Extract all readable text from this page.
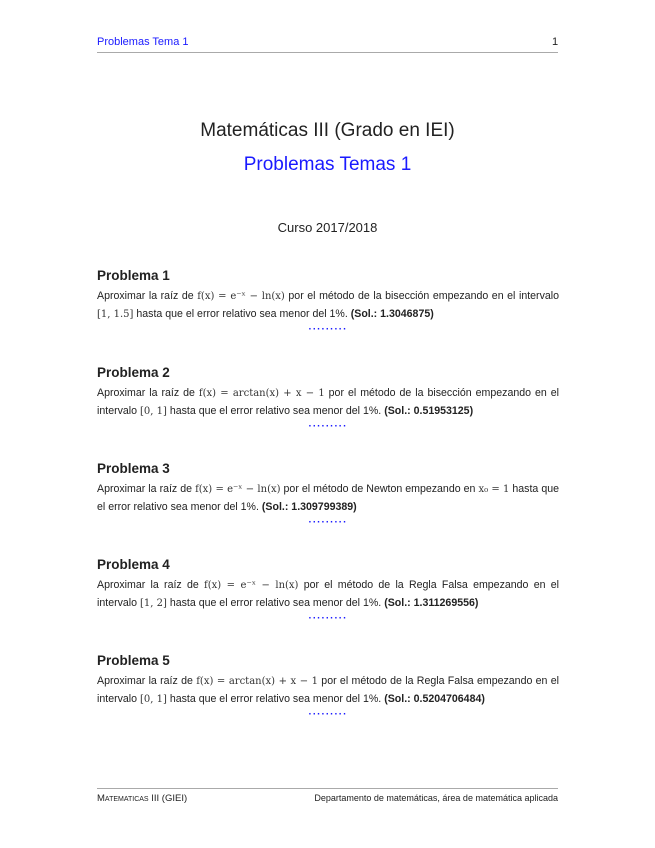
Problemas Tema 1	1
Matemáticas III (Grado en IEI)
Problemas Temas 1
Curso 2017/2018
Problema 1

Aproximar la raíz de f(x) = e⁻ˣ − ln(x) por el método de la bisección empezando en el intervalo [1, 1.5] hasta que el error relativo sea menor del 1%. (Sol.: 1.3046875)

·········
Problema 2

Aproximar la raíz de f(x) = arctan(x) + x − 1 por el método de la bisección empezando en el intervalo [0, 1] hasta que el error relativo sea menor del 1%. (Sol.: 0.51953125)

·········
Problema 3

Aproximar la raíz de f(x) = e⁻ˣ − ln(x) por el método de Newton empezando en x₀ = 1 hasta que el error relativo sea menor del 1%. (Sol.: 1.309799389)

·········
Problema 4

Aproximar la raíz de f(x) = e⁻ˣ − ln(x) por el método de la Regla Falsa empezando en el intervalo [1, 2] hasta que el error relativo sea menor del 1%. (Sol.: 1.311269556)

·········
Problema 5

Aproximar la raíz de f(x) = arctan(x) + x − 1 por el método de la Regla Falsa empezando en el intervalo [0, 1] hasta que el error relativo sea menor del 1%. (Sol.: 0.5204706484)

·········
Matematicas III (GIEI)	Departamento de matemáticas, área de matemática aplicada
